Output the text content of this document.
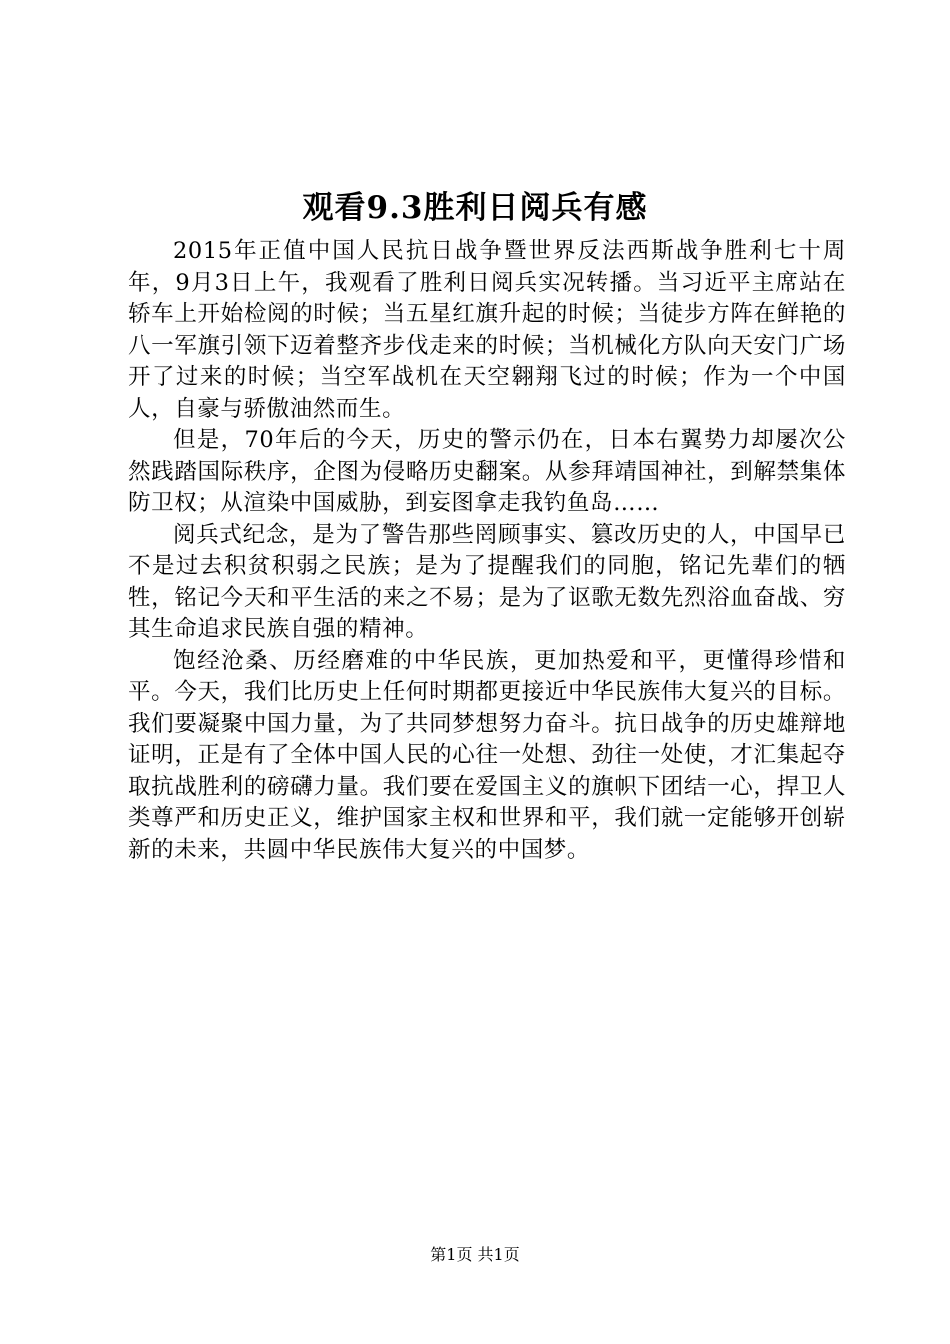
观看9.3胜利日阅兵有感

2015年正值中国人民抗日战争暨世界反法西斯战争胜利七十周年，9月3日上午，我观看了胜利日阅兵实况转播。当习近平主席站在轿车上开始检阅的时候；当五星红旗升起的时候；当徒步方阵在鲜艳的八一军旗引领下迈着整齐步伐走来的时候；当机械化方队向天安门广场开了过来的时候；当空军战机在天空翱翔飞过的时候；作为一个中国人，自豪与骄傲油然而生。

但是，70年后的今天，历史的警示仍在，日本右翼势力却屡次公然践踏国际秩序，企图为侵略历史翻案。从参拜靖国神社，到解禁集体防卫权；从渲染中国威胁，到妄图拿走我钓鱼岛……

阅兵式纪念，是为了警告那些罔顾事实、篡改历史的人，中国早已不是过去积贫积弱之民族；是为了提醒我们的同胞，铭记先辈们的牺牲，铭记今天和平生活的来之不易；是为了讴歌无数先烈浴血奋战、穷其生命追求民族自强的精神。

饱经沧桑、历经磨难的中华民族，更加热爱和平，更懂得珍惜和平。今天，我们比历史上任何时期都更接近中华民族伟大复兴的目标。我们要凝聚中国力量，为了共同梦想努力奋斗。抗日战争的历史雄辩地证明，正是有了全体中国人民的心往一处想、劲往一处使，才汇集起夺取抗战胜利的磅礴力量。我们要在爱国主义的旗帜下团结一心，捍卫人类尊严和历史正义，维护国家主权和世界和平，我们就一定能够开创崭新的未来，共圆中华民族伟大复兴的中国梦。

第1页 共1页
